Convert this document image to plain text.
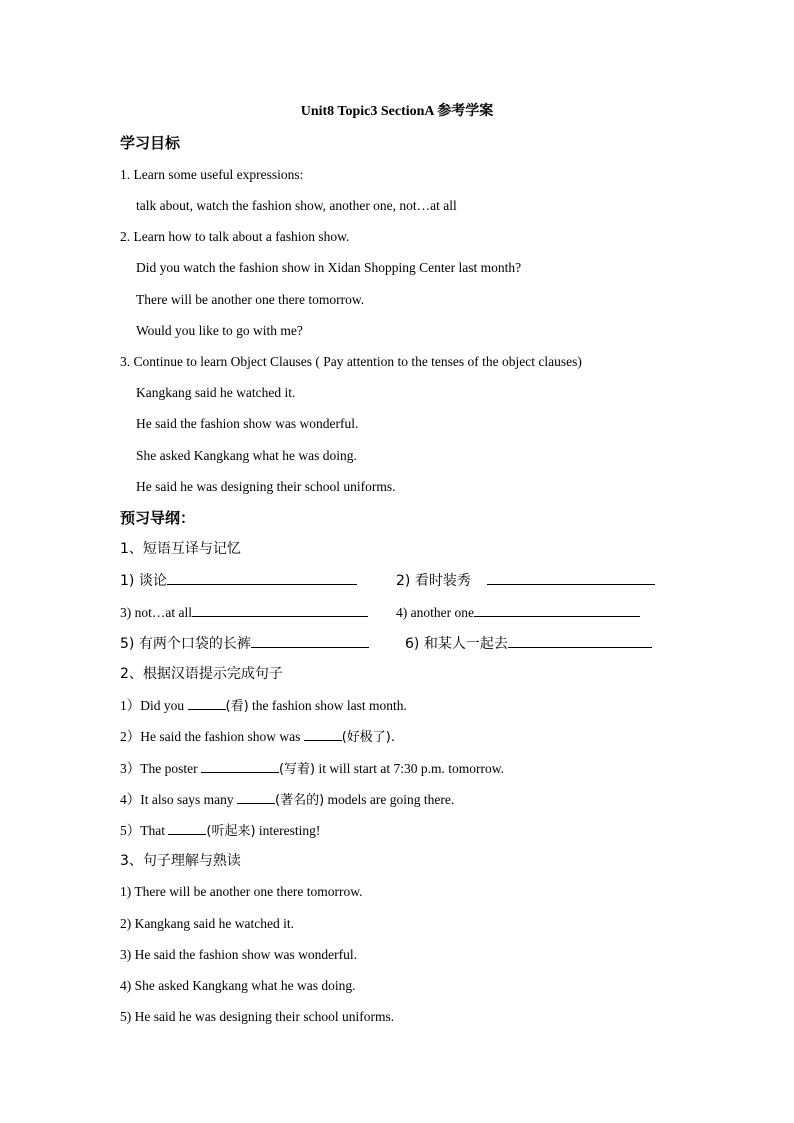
Unit8 Topic3 SectionA 参考学案
学习目标
1. Learn some useful expressions:
talk about, watch the fashion show, another one, not…at all
2. Learn how to talk about a fashion show.
Did you watch the fashion show in Xidan Shopping Center last month?
There will be another one there tomorrow.
Would you like to go with me?
3. Continue to learn Object Clauses ( Pay attention to the tenses of the object clauses)
Kangkang said he watched it.
He said the fashion show was wonderful.
She asked Kangkang what he was doing.
He said he was designing their school uniforms.
预习导纲：
1、短语互译与记忆
1) 谈论	2) 看时装秀
3) not…at all	4) another one
5) 有两个口袋的长裤	6) 和某人一起去
2、根据汉语提示完成句子
1）Did you	(看) the fashion show last month.
2）He said the fashion show was	(好极了).
3）The poster	(写着) it will start at 7:30 p.m. tomorrow.
4）It also says many	(著名的) models are going there.
5）That	(听起来) interesting!
3、句子理解与熟读
1) There will be another one there tomorrow.
2) Kangkang said he watched it.
3) He said the fashion show was wonderful.
4) She asked Kangkang what he was doing.
5) He said he was designing their school uniforms.
